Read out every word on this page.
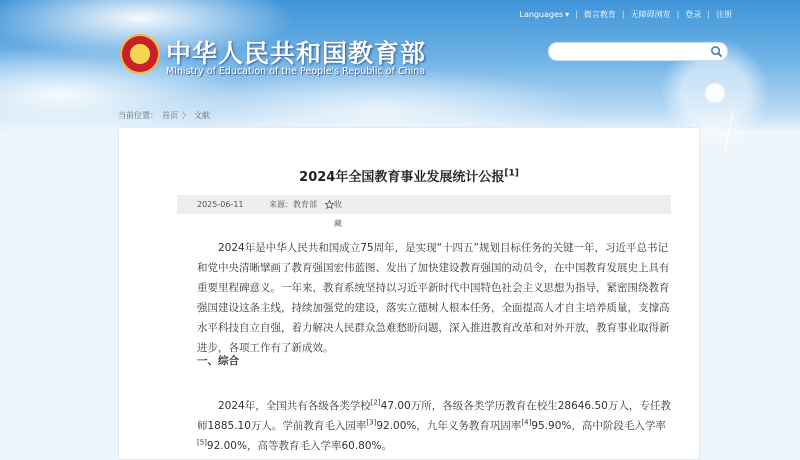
中华人民共和国教育部
Ministry of Education of the People's Republic of China
Languages ▾ | 微言教育 | 无障碍浏览 | 登录 | 注册
当前位置： 首页 〉 文献
2024年全国教育事业发展统计公报[1]
2025-06-11	来源：教育部 收藏
2024年是中华人民共和国成立75周年，是实现“十四五”规划目标任务的关键一年，习近平总书记和党中央清晰擘画了教育强国宏伟蓝图、发出了加快建设教育强国的动员令，在中国教育发展史上具有重要里程碑意义。一年来，教育系统坚持以习近平新时代中国特色社会主义思想为指导，紧密围绕教育强国建设这条主线，持续加强党的建设，落实立德树人根本任务，全面提高人才自主培养质量，支撑高水平科技自立自强，着力解决人民群众急难愁盼问题，深入推进教育改革和对外开放，教育事业取得新进步，各项工作有了新成效。
一、综合
2024年，全国共有各级各类学校[2]47.00万所，各级各类学历教育在校生28646.50万人，专任教师1885.10万人。学前教育毛入园率[3]92.00%，九年义务教育巩固率[4]95.90%，高中阶段毛入学率[5]92.00%，高等教育毛入学率60.80%。
